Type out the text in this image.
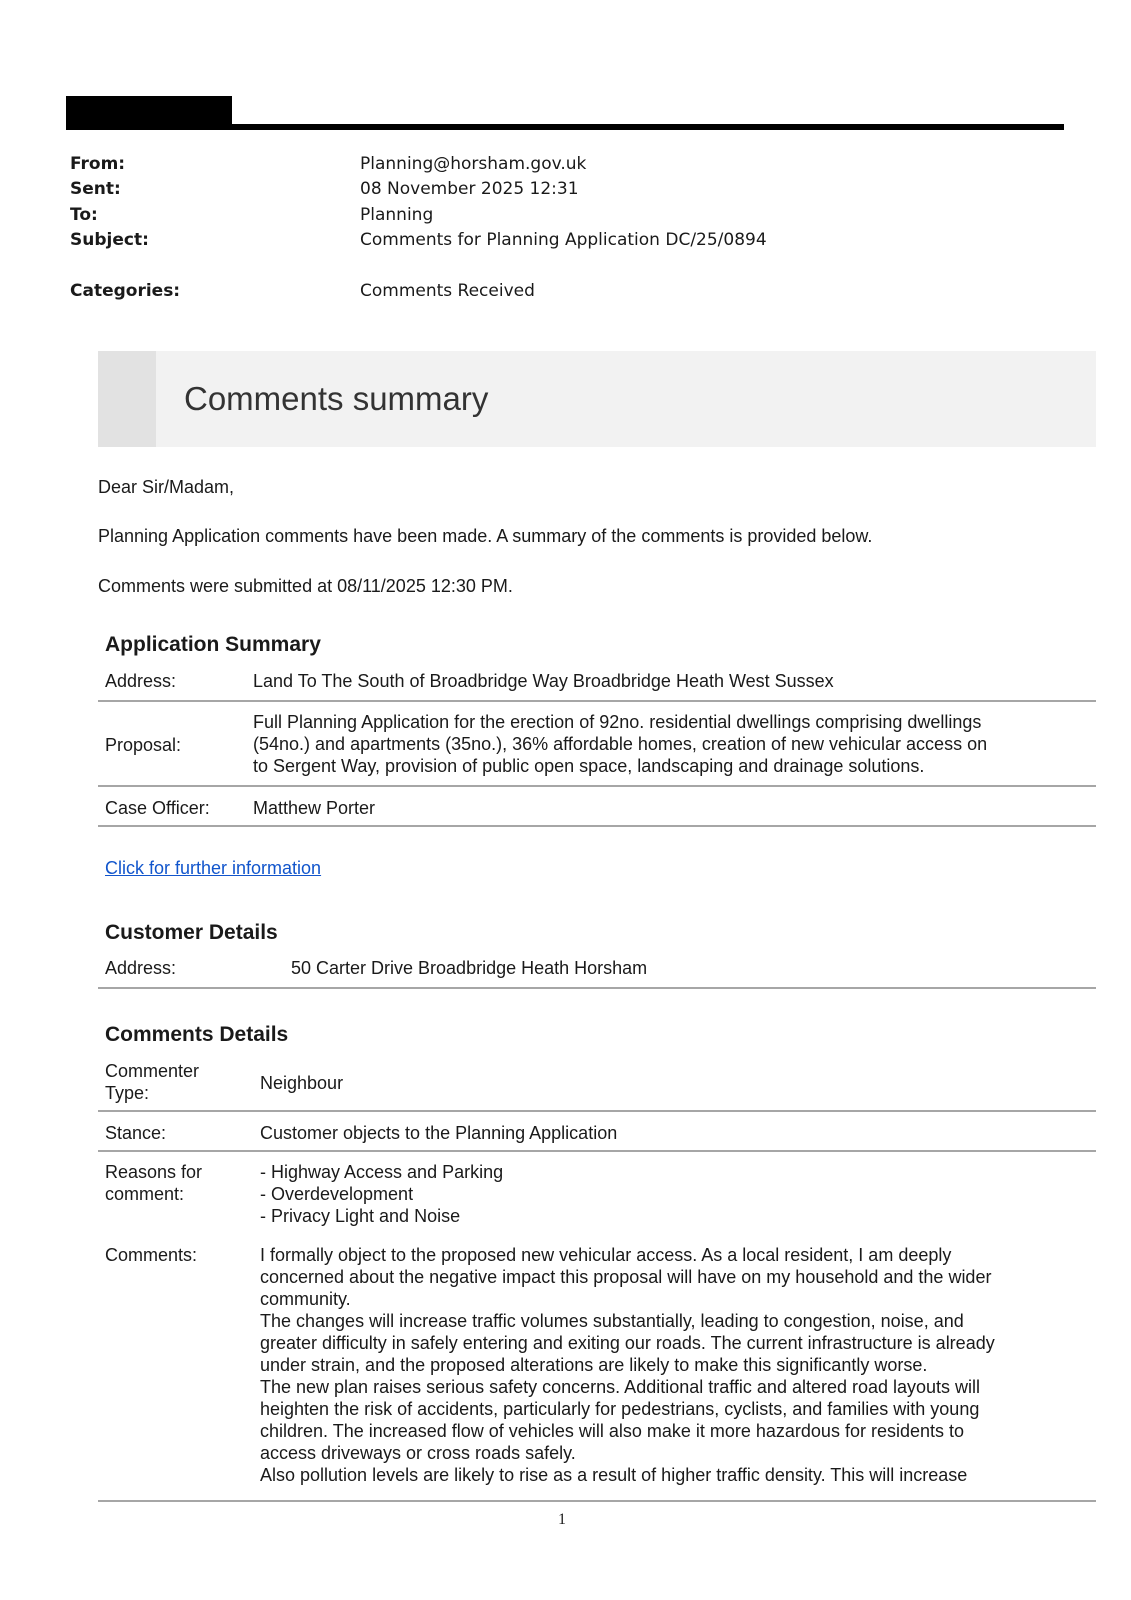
From:	Planning@horsham.gov.uk
Sent:	08 November 2025 12:31
To:	Planning
Subject:	Comments for Planning Application DC/25/0894
Categories:	Comments Received
Comments summary
Dear Sir/Madam,
Planning Application comments have been made. A summary of the comments is provided below.
Comments were submitted at 08/11/2025 12:30 PM.
Application Summary
Address:	Land To The South of Broadbridge Way Broadbridge Heath West Sussex
Proposal:
Full Planning Application for the erection of 92no. residential dwellings comprising dwellings
(54no.) and apartments (35no.), 36% affordable homes, creation of new vehicular access on
to Sergent Way, provision of public open space, landscaping and drainage solutions.
Case Officer: Matthew Porter
Click for further information
Customer Details
Address:	50 Carter Drive Broadbridge Heath Horsham
Comments Details
Commenter
Type:	Neighbour
Stance:	Customer objects to the Planning Application
Reasons for
comment:
- Highway Access and Parking
- Overdevelopment
- Privacy Light and Noise
Comments:	I formally object to the proposed new vehicular access. As a local resident, I am deeply
concerned about the negative impact this proposal will have on my household and the wider
community.
The changes will increase traffic volumes substantially, leading to congestion, noise, and
greater difficulty in safely entering and exiting our roads. The current infrastructure is already
under strain, and the proposed alterations are likely to make this significantly worse.
The new plan raises serious safety concerns. Additional traffic and altered road layouts will
heighten the risk of accidents, particularly for pedestrians, cyclists, and families with young
children. The increased flow of vehicles will also make it more hazardous for residents to
access driveways or cross roads safely.
Also pollution levels are likely to rise as a result of higher traffic density. This will increase
1
